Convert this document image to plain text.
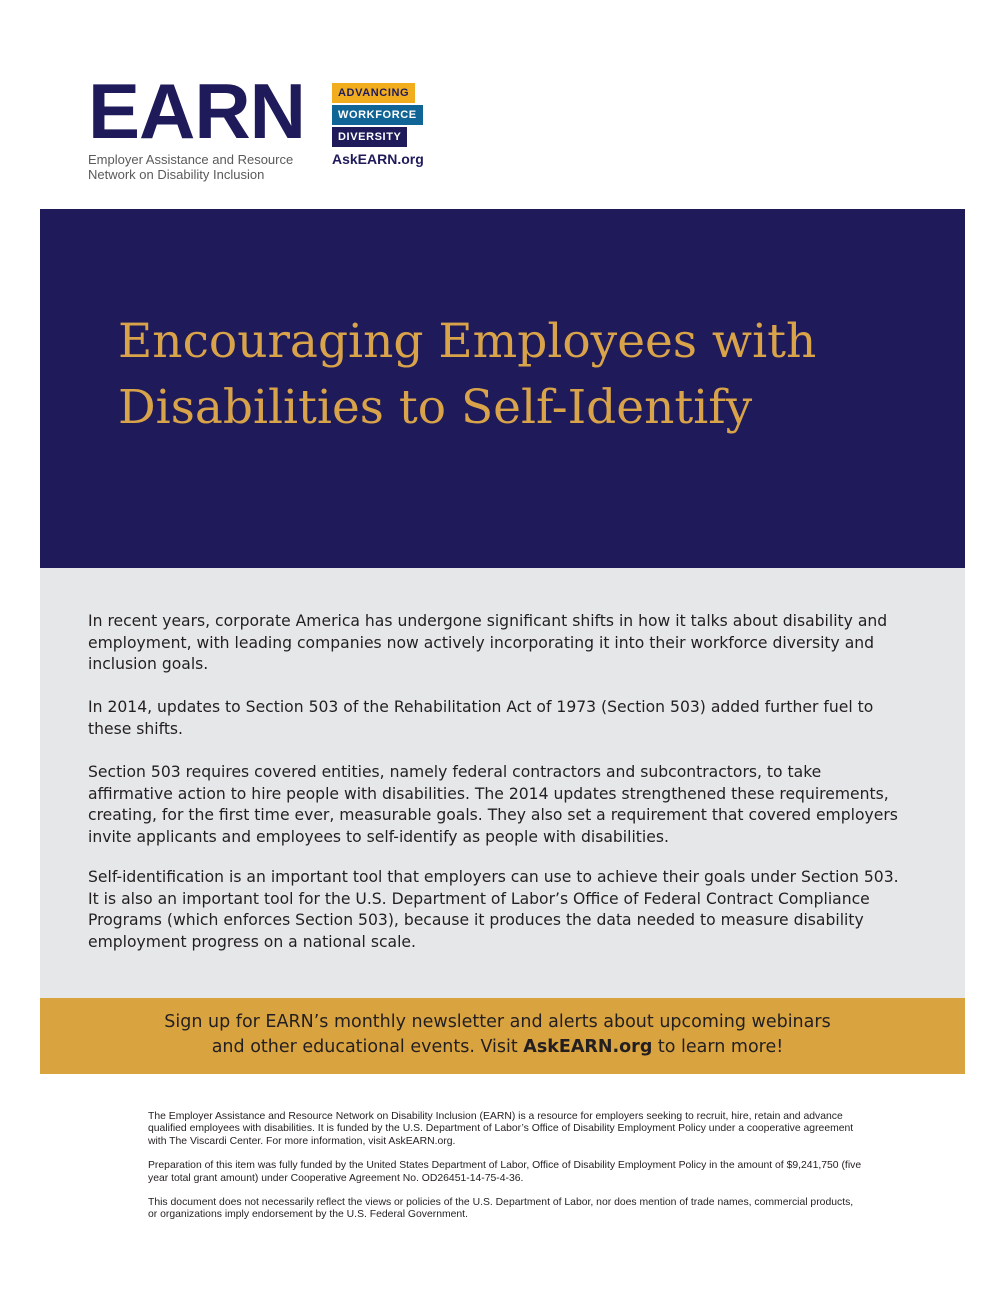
EARN	ADVANCING
WORKFORCE
DIVERSITY
Employer Assistance and Resource Network on Disability Inclusion
AskEARN.org
Encouraging Employees with
Disabilities to Self-Identify

In recent years, corporate America has undergone significant shifts in how it talks about disability and employment, with leading companies now actively incorporating it into their workforce diversity and inclusion goals.

In 2014, updates to Section 503 of the Rehabilitation Act of 1973 (Section 503) added further fuel to these shifts.

Section 503 requires covered entities, namely federal contractors and subcontractors, to take affirmative action to hire people with disabilities. The 2014 updates strengthened these requirements, creating, for the first time ever, measurable goals. They also set a requirement that covered employers invite applicants and employees to self-identify as people with disabilities.

Self-identification is an important tool that employers can use to achieve their goals under Section 503. It is also an important tool for the U.S. Department of Labor’s Office of Federal Contract Compliance Programs (which enforces Section 503), because it produces the data needed to measure disability employment progress on a national scale.

Sign up for EARN’s monthly newsletter and alerts about upcoming webinars
and other educational events. Visit AskEARN.org to learn more!

The Employer Assistance and Resource Network on Disability Inclusion (EARN) is a resource for employers seeking to recruit, hire, retain and advance qualified employees with disabilities. It is funded by the U.S. Department of Labor’s Office of Disability Employment Policy under a cooperative agreement with The Viscardi Center. For more information, visit AskEARN.org.

Preparation of this item was fully funded by the United States Department of Labor, Office of Disability Employment Policy in the amount of $9,241,750 (five year total grant amount) under Cooperative Agreement No. OD26451-14-75-4-36.

This document does not necessarily reflect the views or policies of the U.S. Department of Labor, nor does mention of trade names, commercial products, or organizations imply endorsement by the U.S. Federal Government.
